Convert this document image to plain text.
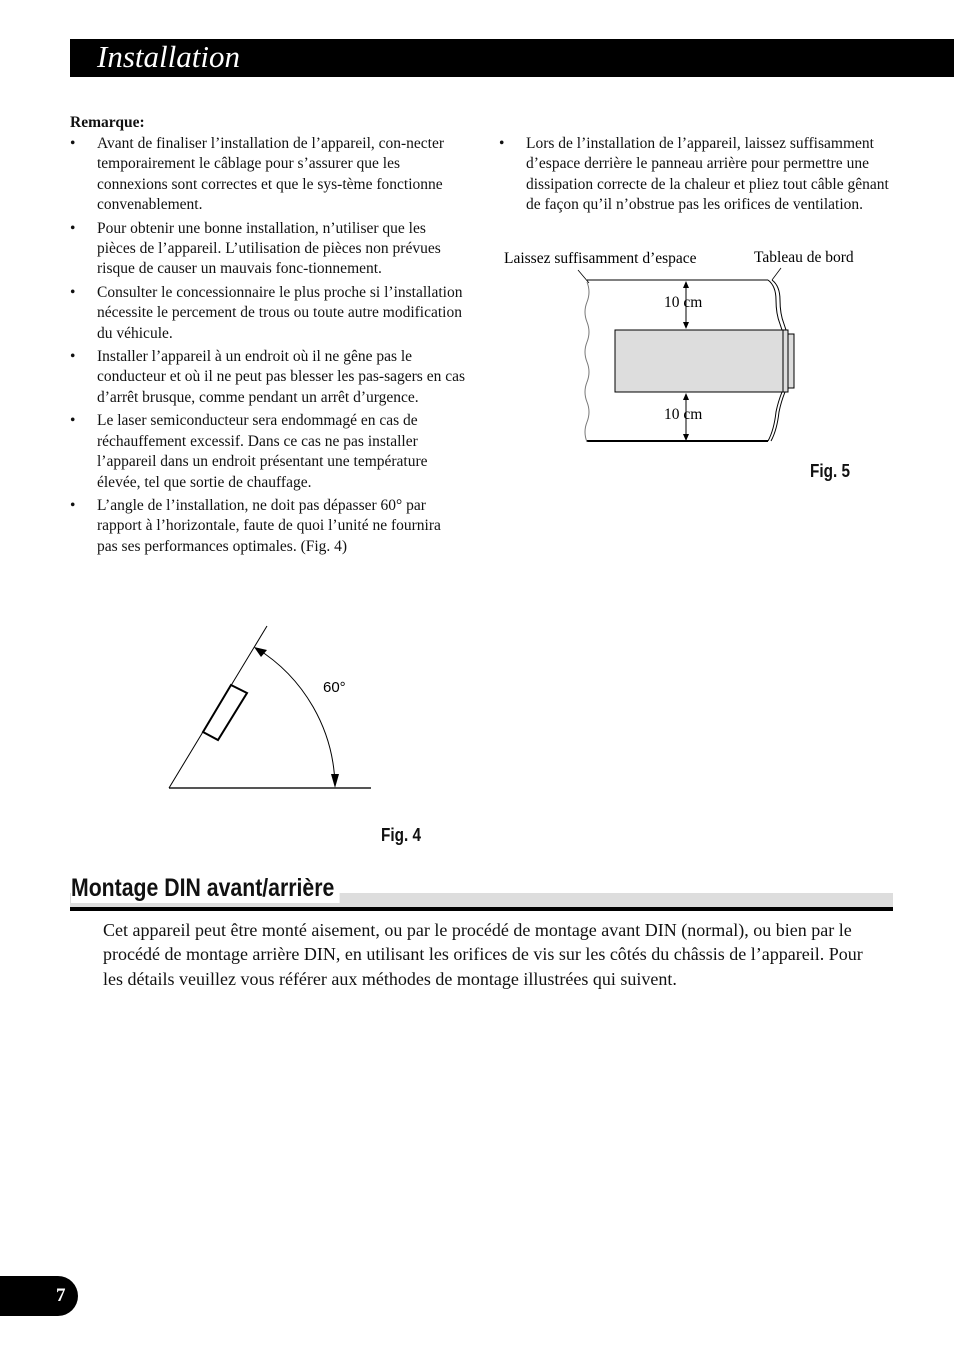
Installation
Remarque:
• Avant de finaliser l’installation de l’appareil, con-necter temporairement le câblage pour s’assurer que les connexions sont correctes et que le sys-tème fonctionne convenablement.
• Pour obtenir une bonne installation, n’utiliser que les pièces de l’appareil. L’utilisation de pièces non prévues risque de causer un mauvais fonc-tionnement.
• Consulter le concessionnaire le plus proche si l’installation nécessite le percement de trous ou toute autre modification du véhicule.
• Installer l’appareil à un endroit où il ne gêne pas le conducteur et où il ne peut pas blesser les pas-sagers en cas d’arrêt brusque, comme pendant un arrêt d’urgence.
• Le laser semiconducteur sera endommagé en cas de réchauffement excessif. Dans ce cas ne pas installer l’appareil dans un endroit présentant une température élevée, tel que sortie de chauffage.
• L’angle de l’installation, ne doit pas dépasser 60° par rapport à l’horizontale, faute de quoi l’unité ne fournira pas ses performances optimales. (Fig. 4)
• Lors de l’installation de l’appareil, laissez suffisamment d’espace derrière le panneau arrière pour permettre une dissipation correcte de la chaleur et pliez tout câble gênant de façon qu’il n’obstrue pas les orifices de ventilation.
Laissez suffisamment d’espace	Tableau de bord
10 cm
10 cm
Fig. 5
60°
Fig. 4
Montage DIN avant/arrière
Cet appareil peut être monté aisement, ou par le procédé de montage avant DIN (normal), ou bien par le procédé de montage arrière DIN, en utilisant les orifices de vis sur les côtés du châssis de l’appareil. Pour les détails veuillez vous référer aux méthodes de montage illustrées qui suivent.
7
